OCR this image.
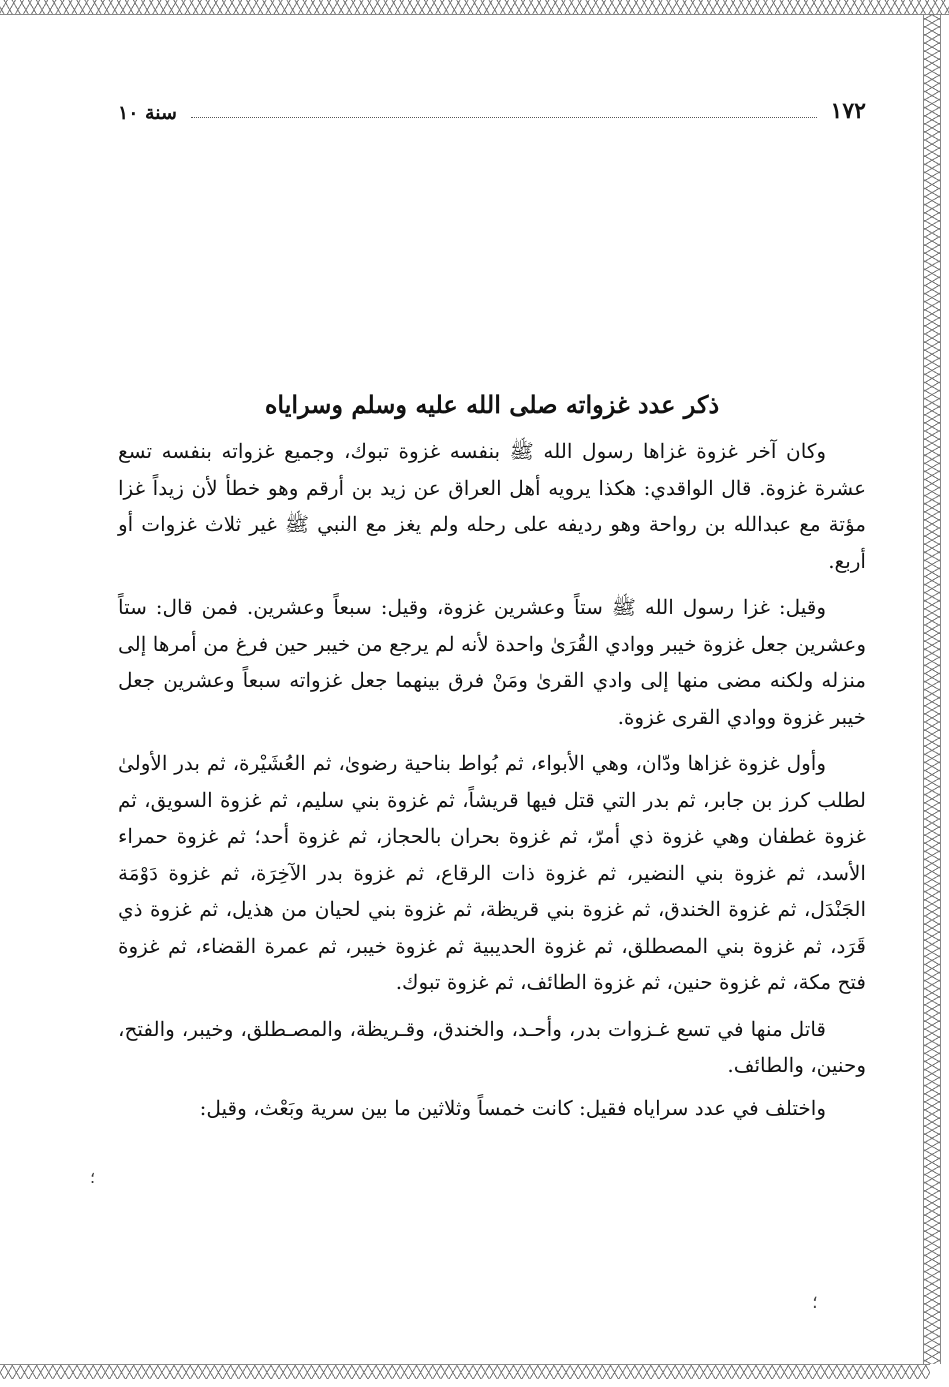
١٧٢
سنة ١٠
ذكر عدد غزواته صلى الله عليه وسلم وسراياه

وكان آخر غزوة غزاها رسول الله ﷺ بنفسه غزوة تبوك، وجميع غزواته بنفسه تسع عشرة غزوة. قال الواقدي: هكذا يرويه أهل العراق عن زيد بن أرقم وهو خطأ لأن زيداً غزا مؤتة مع عبدالله بن رواحة وهو رديفه على رحله ولم يغز مع النبي ﷺ غير ثلاث غزوات أو أربع.

وقيل: غزا رسول الله ﷺ ستاً وعشرين غزوة، وقيل: سبعاً وعشرين. فمن قال: ستاً وعشرين جعل غزوة خيبر ووادي القُرَىٰ واحدة لأنه لم يرجع من خيبر حين فرغ من أمرها إلى منزله ولكنه مضى منها إلى وادي القرىٰ ومَنْ فرق بينهما جعل غزواته سبعاً وعشرين جعل خيبر غزوة ووادي القرى غزوة.

وأول غزوة غزاها ودّان، وهي الأبواء، ثم بُواط بناحية رضوىٰ، ثم العُشَيْرة، ثم بدر الأولىٰ لطلب كرز بن جابر، ثم بدر التي قتل فيها قريشاً، ثم غزوة بني سليم، ثم غزوة السويق، ثم غزوة غطفان وهي غزوة ذي أمرّ، ثم غزوة بحران بالحجاز، ثم غزوة أحد؛ ثم غزوة حمراء الأسد، ثم غزوة بني النضير، ثم غزوة ذات الرقاع، ثم غزوة بدر الآخِرَة، ثم غزوة دَوْمَة الجَنْدَل، ثم غزوة الخندق، ثم غزوة بني قريظة، ثم غزوة بني لحيان من هذيل، ثم غزوة ذي قَرَد، ثم غزوة بني المصطلق، ثم غزوة الحديبية ثم غزوة خيبر، ثم عمرة القضاء، ثم غزوة فتح مكة، ثم غزوة حنين، ثم غزوة الطائف، ثم غزوة تبوك.

قاتل منها في تسع غـزوات بدر، وأحـد، والخندق، وقـريظة، والمصـطلق، وخيبر، والفتح، وحنين، والطائف.

واختلف في عدد سراياه فقيل: كانت خمساً وثلاثين ما بين سرية وبَعْث، وقيل:

؛
؛
